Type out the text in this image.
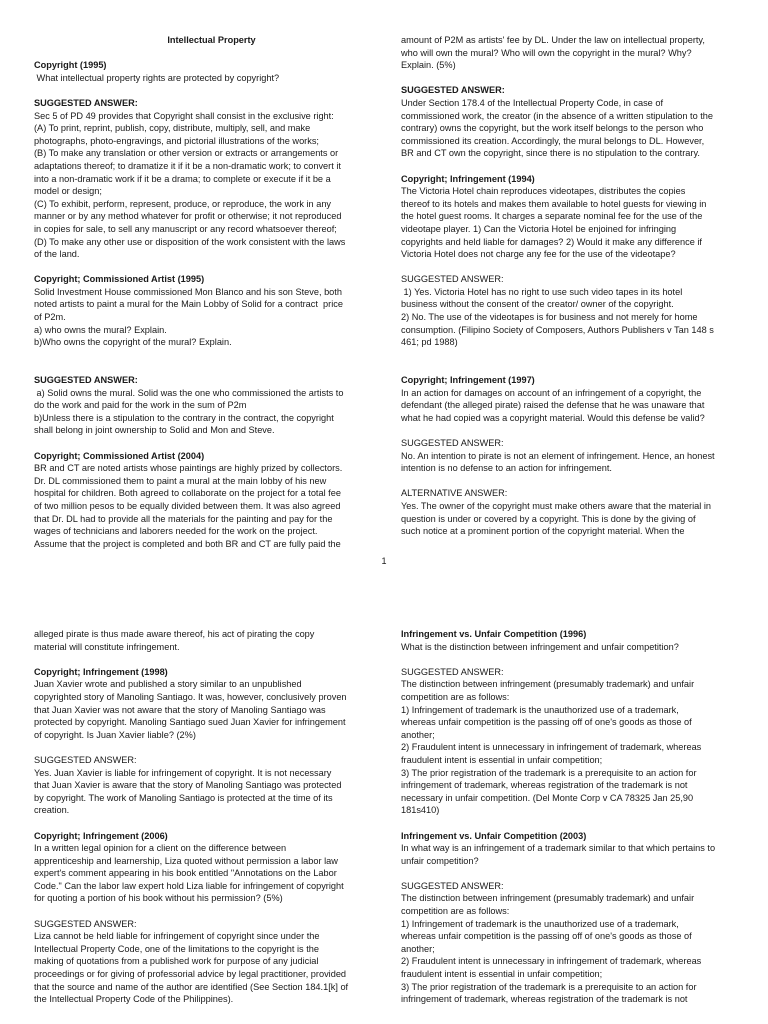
Intellectual Property

Copyright (1995)

What intellectual property rights are protected by copyright?

SUGGESTED ANSWER:

Sec 5 of PD 49 provides that Copyright shall consist in the exclusive right:

(A) To print, reprint, publish, copy, distribute, multiply, sell, and make

photographs, photo-engravings, and pictorial illustrations of the works;

(B) To make any translation or other version or extracts or arrangements or

adaptations thereof; to dramatize it if it be a non-dramatic work; to convert it

into a non-dramatic work if it be a drama; to complete or execute if it be a

model or design;

(C) To exhibit, perform, represent, produce, or reproduce, the work in any

manner or by any method whatever for profit or otherwise; it not reproduced

in copies for sale, to sell any manuscript or any record whatsoever thereof;

(D) To make any other use or disposition of the work consistent with the laws

of the land.

Copyright; Commissioned Artist (1995)

Solid Investment House commissioned Mon Blanco and his son Steve, both

noted artists to paint a mural for the Main Lobby of Solid for a contract  price

of P2m.

a) who owns the mural? Explain.

b)Who owns the copyright of the mural? Explain.

SUGGESTED ANSWER:

a) Solid owns the mural. Solid was the one who commissioned the artists to

do the work and paid for the work in the sum of P2m

b)Unless there is a stipulation to the contrary in the contract, the copyright

shall belong in joint ownership to Solid and Mon and Steve.

Copyright; Commissioned Artist (2004)

BR and CT are noted artists whose paintings are highly prized by collectors.

Dr. DL commissioned them to paint a mural at the main lobby of his new

hospital for children. Both agreed to collaborate on the project for a total fee

of two million pesos to be equally divided between them. It was also agreed

that Dr. DL had to provide all the materials for the painting and pay for the

wages of technicians and laborers needed for the work on the project.

Assume that the project is completed and both BR and CT are fully paid the

amount of P2M as artists' fee by DL. Under the law on intellectual property,

who will own the mural? Who will own the copyright in the mural? Why?

Explain. (5%)

SUGGESTED ANSWER:

Under Section 178.4 of the Intellectual Property Code, in case of

commissioned work, the creator (in the absence of a written stipulation to the

contrary) owns the copyright, but the work itself belongs to the person who

commissioned its creation. Accordingly, the mural belongs to DL. However,

BR and CT own the copyright, since there is no stipulation to the contrary.

Copyright; Infringement (1994)

The Victoria Hotel chain reproduces videotapes, distributes the copies

thereof to its hotels and makes them available to hotel guests for viewing in

the hotel guest rooms. It charges a separate nominal fee for the use of the

videotape player. 1) Can the Victoria Hotel be enjoined for infringing

copyrights and held liable for damages? 2) Would it make any difference if

Victoria Hotel does not charge any fee for the use of the videotape?

SUGGESTED ANSWER:

1) Yes. Victoria Hotel has no right to use such video tapes in its hotel

business without the consent of the creator/ owner of the copyright.

2) No. The use of the videotapes is for business and not merely for home

consumption. (Filipino Society of Composers, Authors Publishers v Tan 148 s

461; pd 1988)

Copyright; Infringement (1997)

In an action for damages on account of an infringement of a copyright, the

defendant (the alleged pirate) raised the defense that he was unaware that

what he had copied was a copyright material. Would this defense be valid?

SUGGESTED ANSWER:

No. An intention to pirate is not an element of infringement. Hence, an honest

intention is no defense to an action for infringement.

ALTERNATIVE ANSWER:

Yes. The owner of the copyright must make others aware that the material in

question is under or covered by a copyright. This is done by the giving of

such notice at a prominent portion of the copyright material. When the

1

alleged pirate is thus made aware thereof, his act of pirating the copy

material will constitute infringement.

Copyright; Infringement (1998)

Juan Xavier wrote and published a story similar to an unpublished

copyrighted story of Manoling Santiago. It was, however, conclusively proven

that Juan Xavier was not aware that the story of Manoling Santiago was

protected by copyright. Manoling Santiago sued Juan Xavier for infringement

of copyright. Is Juan Xavier liable? (2%)

SUGGESTED ANSWER:

Yes. Juan Xavier is liable for infringement of copyright. It is not necessary

that Juan Xavier is aware that the story of Manoling Santiago was protected

by copyright. The work of Manoling Santiago is protected at the time of its

creation.

Copyright; Infringement (2006)

In a written legal opinion for a client on the difference between

apprenticeship and learnership, Liza quoted without permission a labor law

expert's comment appearing in his book entitled "Annotations on the Labor

Code." Can the labor law expert hold Liza liable for infringement of copyright

for quoting a portion of his book without his permission? (5%)

SUGGESTED ANSWER:

Liza cannot be held liable for infringement of copyright since under the

Intellectual Property Code, one of the limitations to the copyright is the

making of quotations from a published work for purpose of any judicial

proceedings or for giving of professorial advice by legal practitioner, provided

that the source and name of the author are identified (See Section 184.1[k] of

the Intellectual Property Code of the Philippines).

Infringement vs. Unfair Competition (1996)

What is the distinction between infringement and unfair competition?

SUGGESTED ANSWER:

The distinction between infringement (presumably trademark) and unfair

competition are as follows:

1) Infringement of trademark is the unauthorized use of a trademark,

whereas unfair competition is the passing off of one's goods as those of

another;

2) Fraudulent intent is unnecessary in infringement of trademark, whereas

fraudulent intent is essential in unfair competition;

3) The prior registration of the trademark is a prerequisite to an action for

infringement of trademark, whereas registration of the trademark is not

necessary in unfair competition. (Del Monte Corp v CA 78325 Jan 25,90

181s410)

Infringement vs. Unfair Competition (2003)

In what way is an infringement of a trademark similar to that which pertains to

unfair competition?

SUGGESTED ANSWER:

The distinction between infringement (presumably trademark) and unfair

competition are as follows:

1) Infringement of trademark is the unauthorized use of a trademark,

whereas unfair competition is the passing off of one's goods as those of

another;

2) Fraudulent intent is unnecessary in infringement of trademark, whereas

fraudulent intent is essential in unfair competition;

3) The prior registration of the trademark is a prerequisite to an action for

infringement of trademark, whereas registration of the trademark is not
